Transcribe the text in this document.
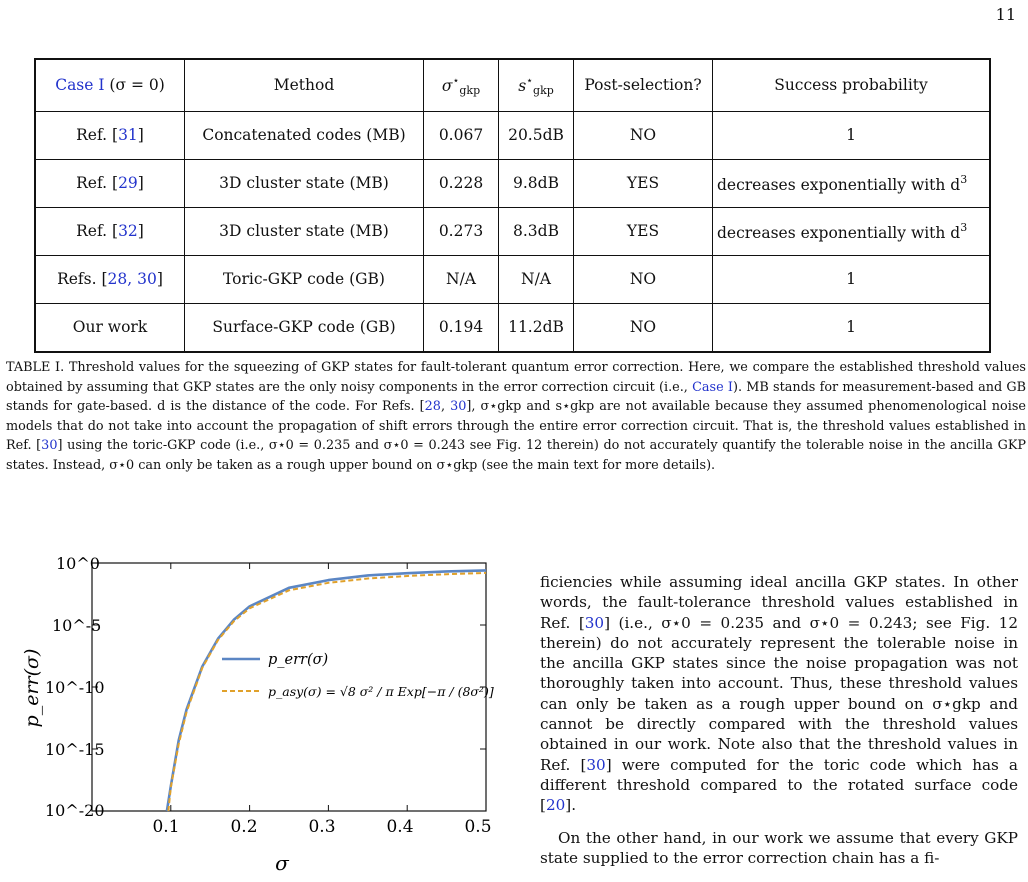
11
Case I (σ = 0)	Method	$\sigma^⋆_{gkp}$	$s^⋆_{gkp}$	Post-selection?	Success probability
Ref. [31]	Concatenated codes (MB)	0.067	20.5dB	NO	1
Ref. [29]	3D cluster state (MB)	0.228	9.8dB	YES	decreases exponentially with $d^3$
Ref. [32]	3D cluster state (MB)	0.273	8.3dB	YES	decreases exponentially with $d^3$
Refs. [28, 30]	Toric-GKP code (GB)	N/A	N/A	NO	1
Our work	Surface-GKP code (GB)	0.194	11.2dB	NO	1
TABLE I. Threshold values for the squeezing of GKP states for fault-tolerant quantum error correction. Here, we compare the established threshold values obtained by assuming that GKP states are the only noisy components in the error correction circuit (i.e., Case I). MB stands for measurement-based and GB stands for gate-based. d is the distance of the code. For Refs. [28, 30], σ⋆gkp and s⋆gkp are not available because they assumed phenomenological noise models that do not take into account the propagation of shift errors through the entire error correction circuit. That is, the threshold values established in Ref. [30] using the toric-GKP code (i.e., σ⋆0 = 0.235 and σ⋆0 = 0.243 see Fig. 12 therein) do not accurately quantify the tolerable noise in the ancilla GKP states. Instead, σ⋆0 can only be taken as a rough upper bound on σ⋆gkp (see the main text for more details).
10^0
10^-5
10^-10
10^-15
10^-20
0.1	0.2	0.3	0.4	0.5
σ
p_err(σ)	p_err(σ)
p_asy(σ) = √8 σ² / π Exp[−π / (8σ²)]

ficiencies while assuming ideal ancilla GKP states. In other words, the fault-tolerance threshold values established in Ref. [30] (i.e., σ⋆0 = 0.235 and σ⋆0 = 0.243; see Fig. 12 therein) do not accurately represent the tolerable noise in the ancilla GKP states since the noise propagation was not thoroughly taken into account. Thus, these threshold values can only be taken as a rough upper bound on σ⋆gkp and cannot be directly compared with the threshold values obtained in our work. Note also that the threshold values in Ref. [30] were computed for the toric code which has a different threshold compared to the rotated surface code [20].

On the other hand, in our work we assume that every GKP state supplied to the error correction chain has a fi-
